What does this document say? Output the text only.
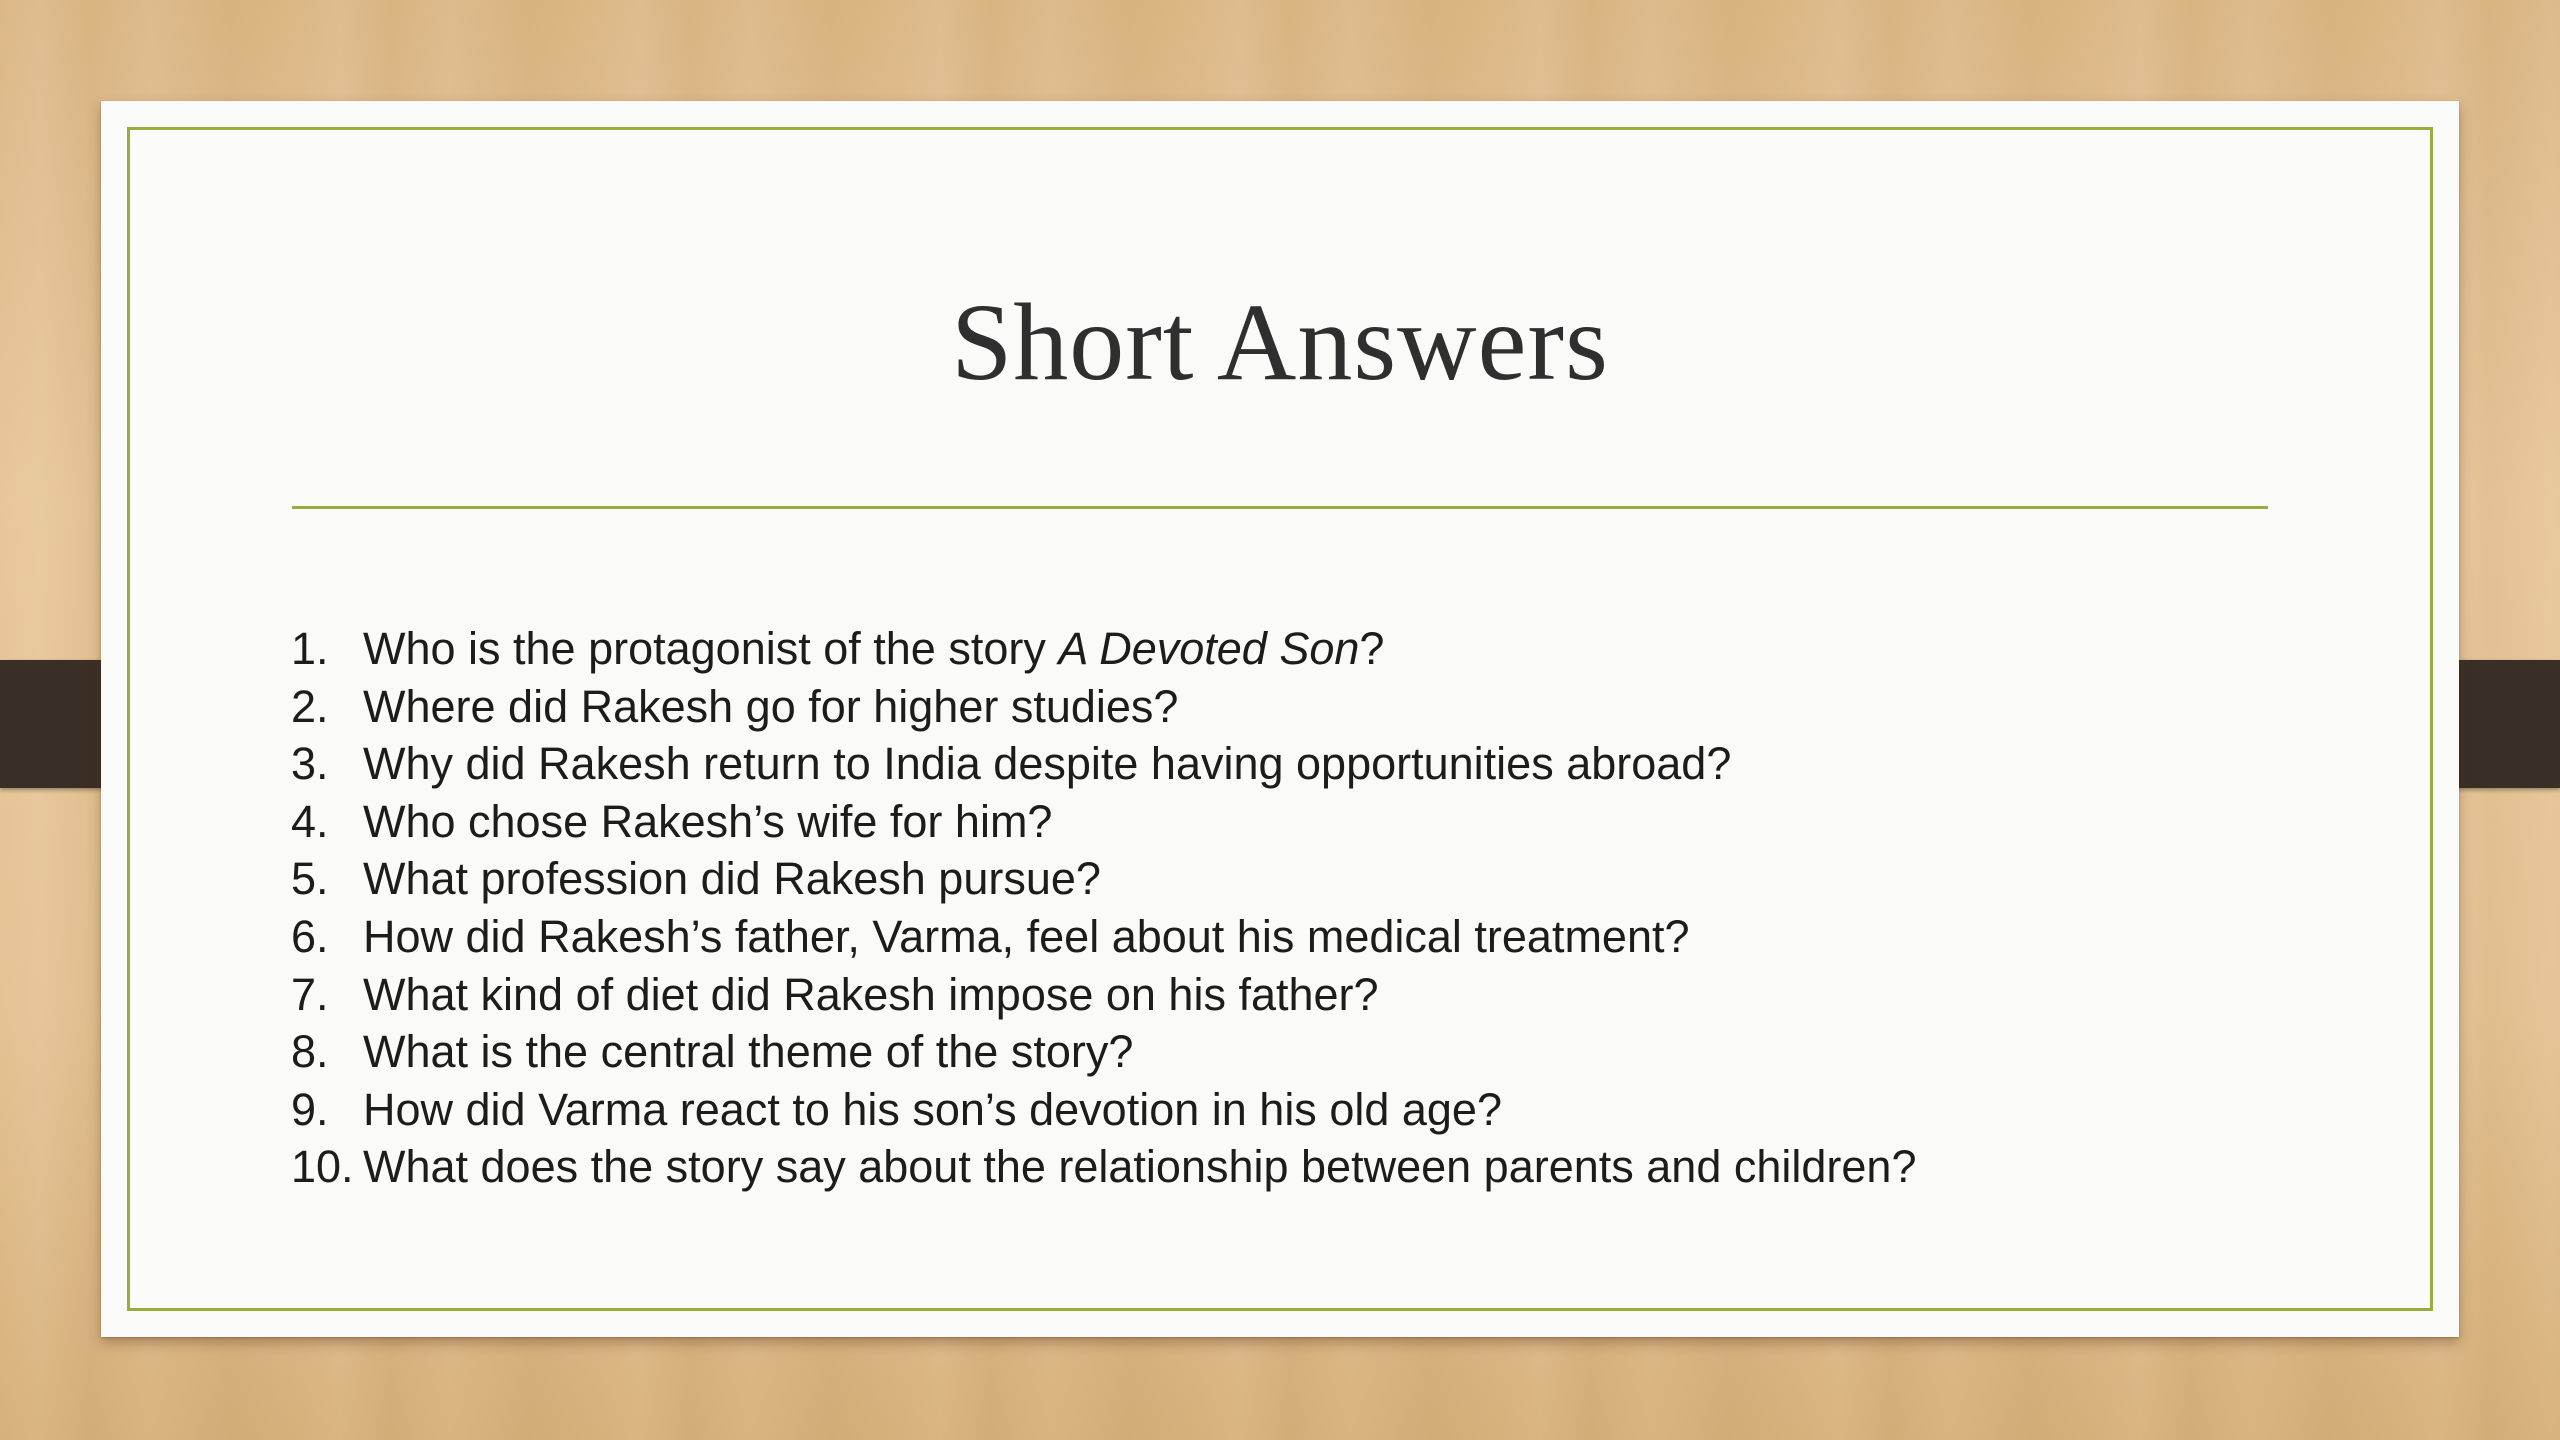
Short Answers
1. Who is the protagonist of the story A Devoted Son?
2. Where did Rakesh go for higher studies?
3. Why did Rakesh return to India despite having opportunities abroad?
4. Who chose Rakesh’s wife for him?
5. What profession did Rakesh pursue?
6. How did Rakesh’s father, Varma, feel about his medical treatment?
7. What kind of diet did Rakesh impose on his father?
8. What is the central theme of the story?
9. How did Varma react to his son’s devotion in his old age?
10. What does the story say about the relationship between parents and children?
